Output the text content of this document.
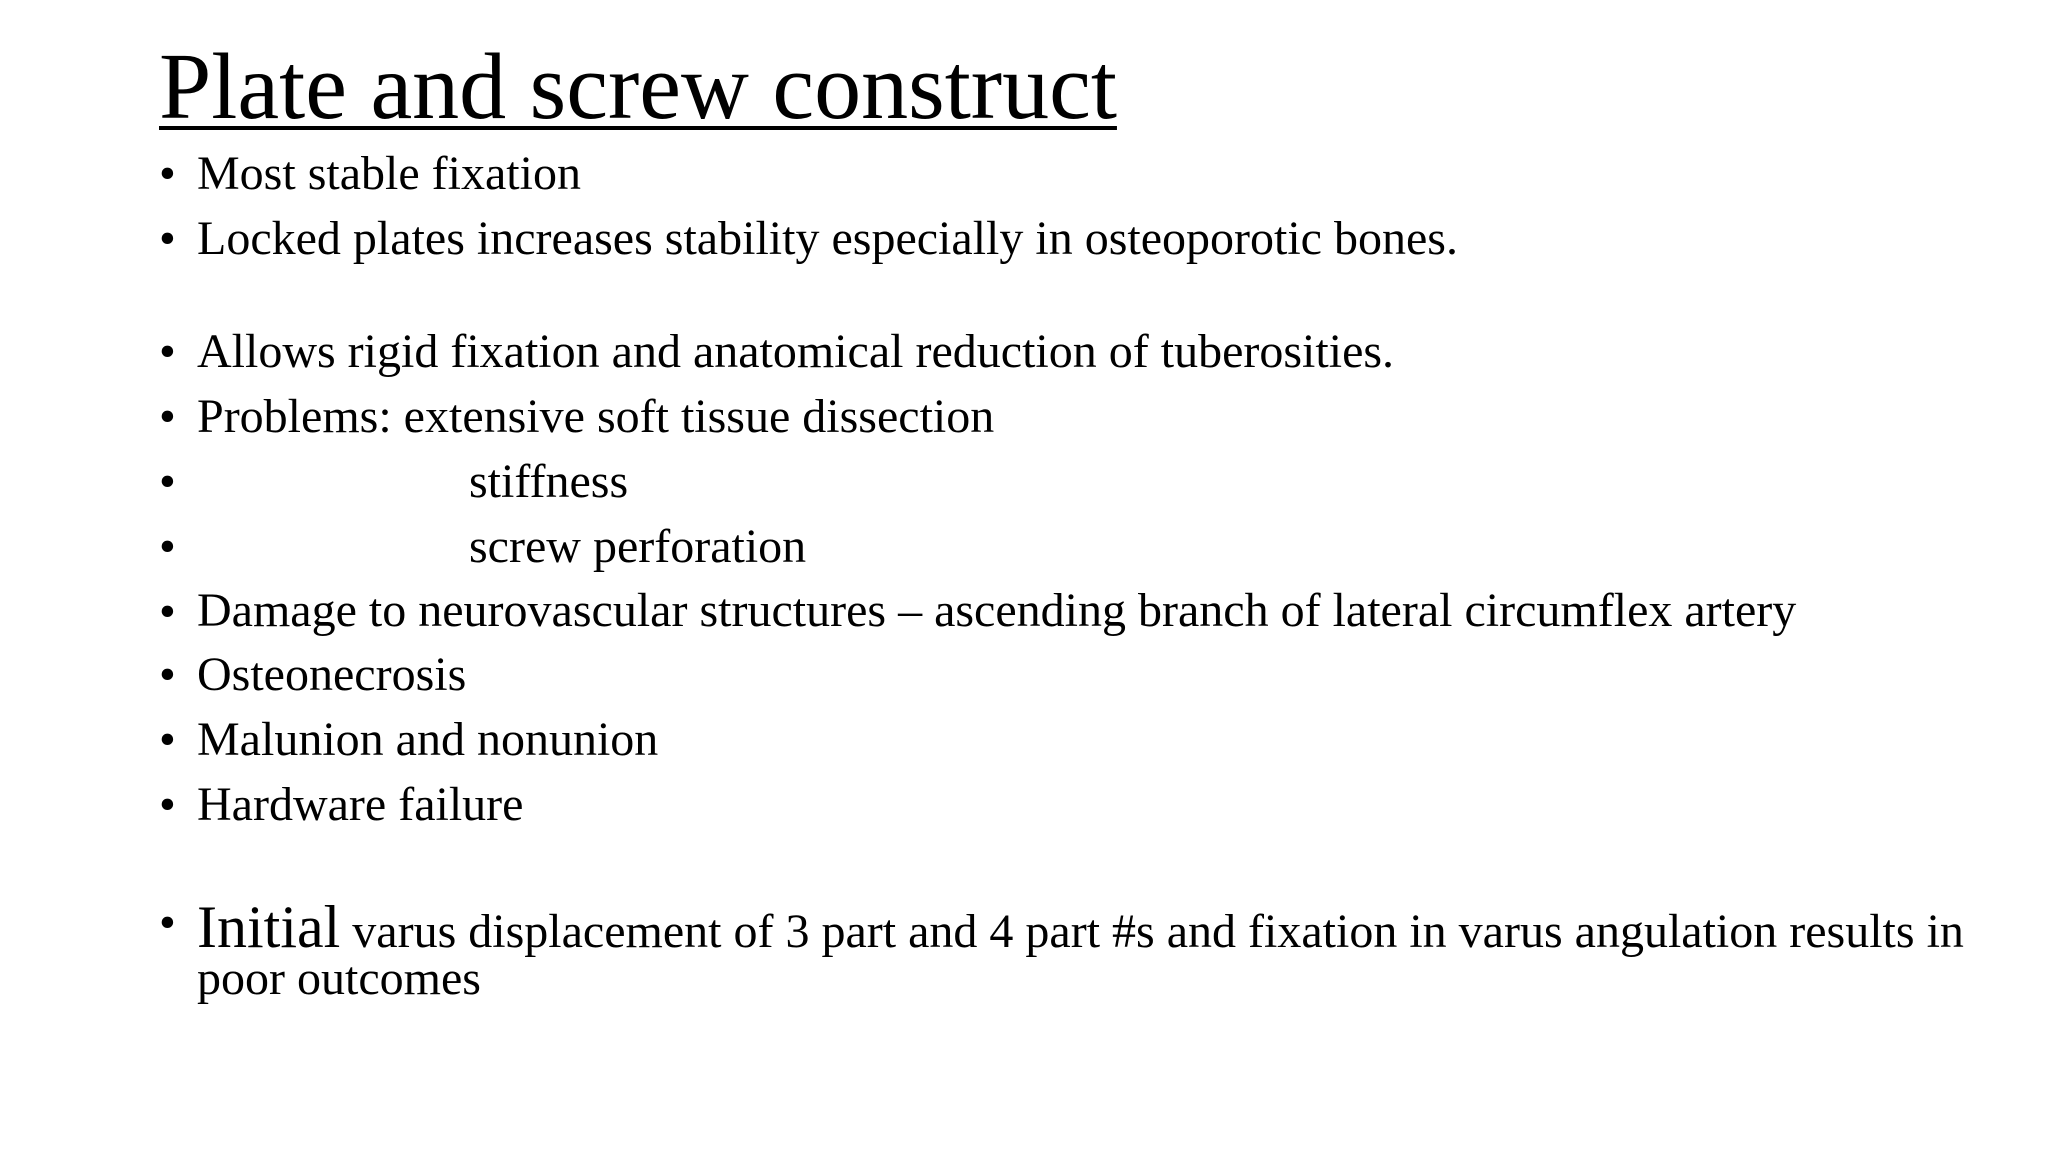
Plate and screw construct
• Most stable fixation
• Locked plates increases stability especially in osteoporotic bones.
• Allows rigid fixation and anatomical reduction of tuberosities.
• Problems: extensive soft tissue dissection
•	stiffness
•	screw perforation
• Damage to neurovascular structures – ascending branch of lateral circumflex artery
• Osteonecrosis
• Malunion and nonunion
• Hardware failure
• Initial varus displacement of 3 part and 4 part #s and fixation in varus angulation results in poor outcomes
